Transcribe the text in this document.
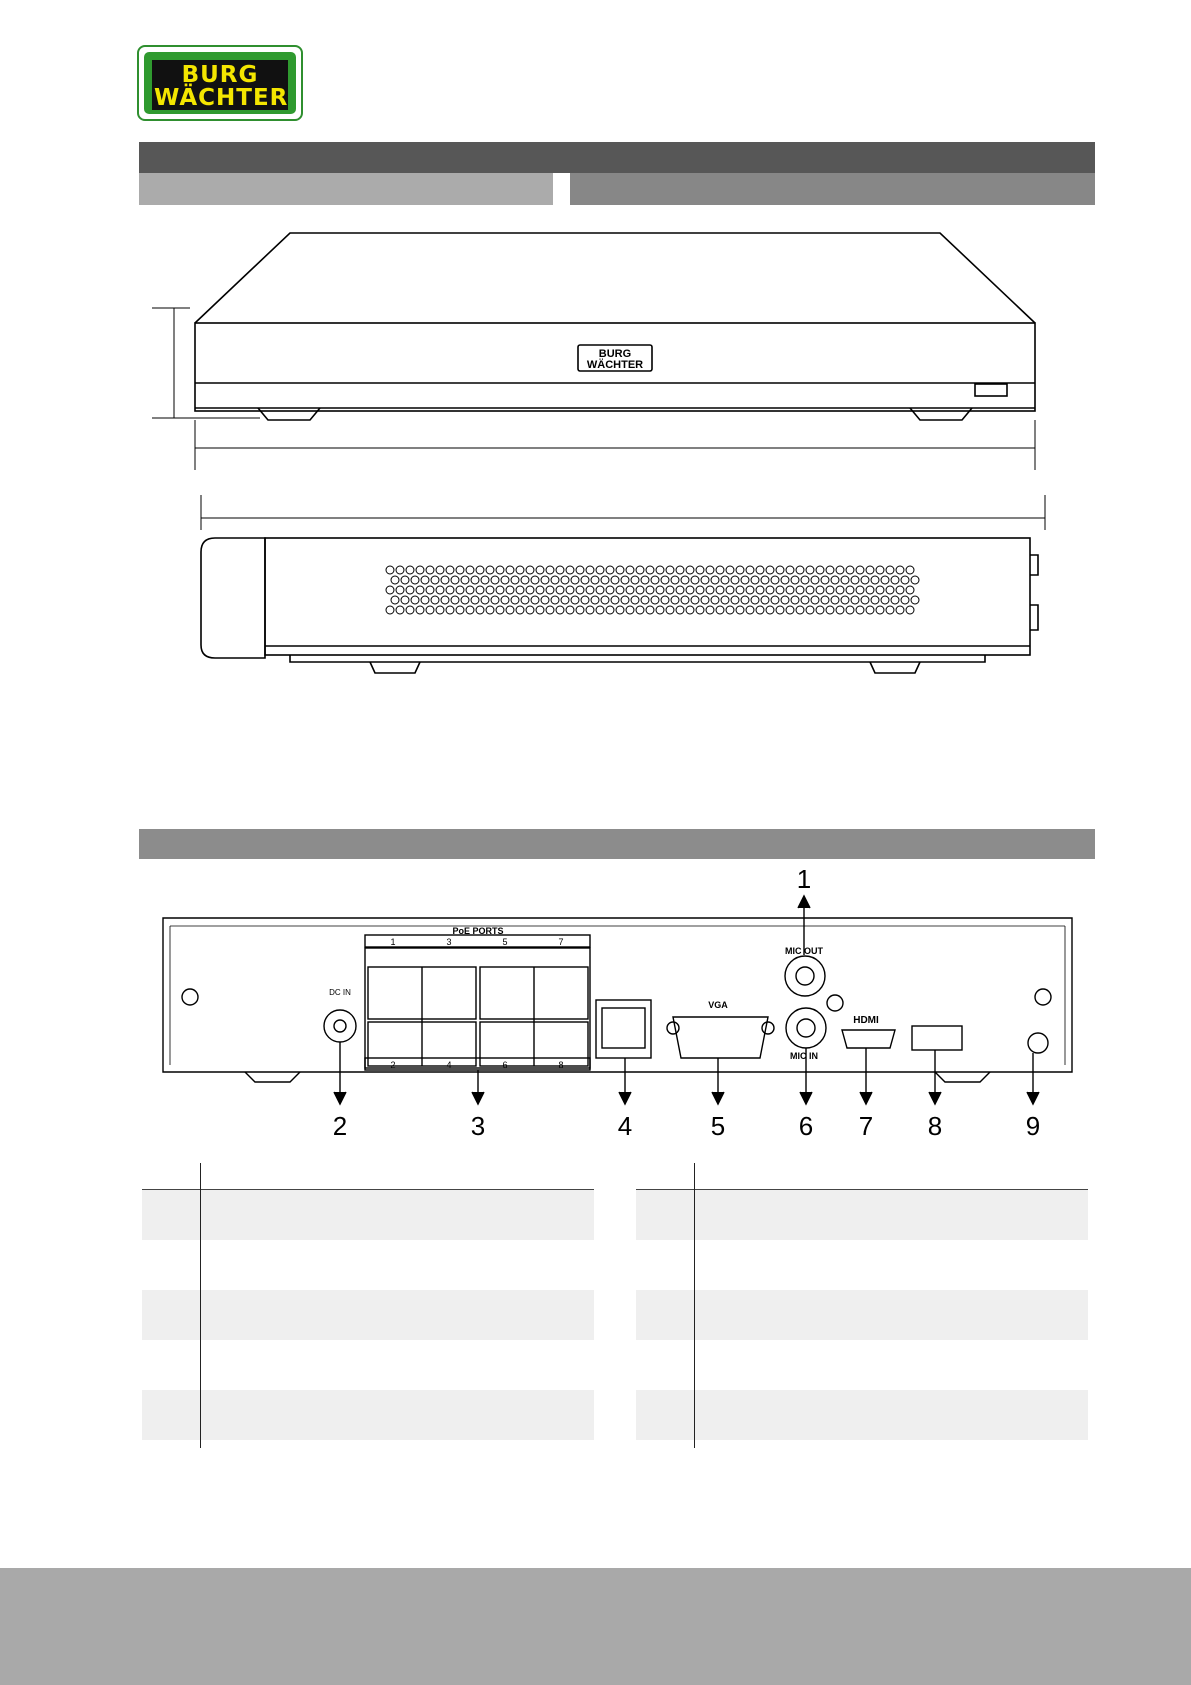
BURG
WÄCHTER
BURG
WÄCHTER
PoE PORTS
1	3	5	7
2	4	6	8
DC IN
VGA
MIC OUT
MIC IN
HDMI
1
2	3	4	5	6 7 8	9
